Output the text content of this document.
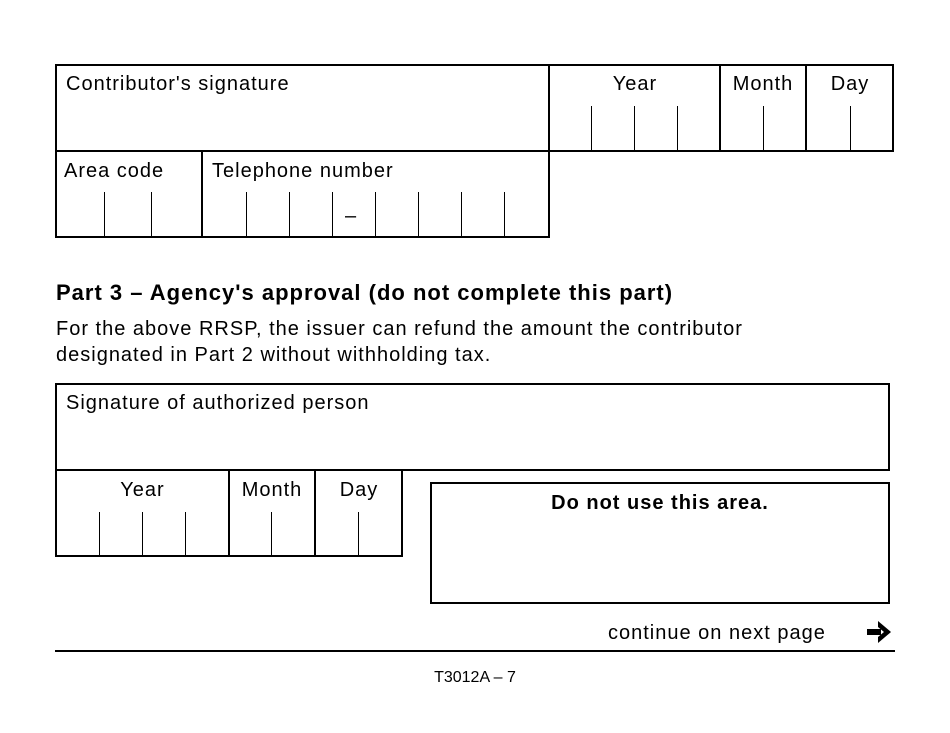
Contributor's signature	Year	Month	Day
Area code Telephone number
–
Part 3 – Agency's approval (do not complete this part)
For the above RRSP, the issuer can refund the amount the contributor
designated in Part 2 without withholding tax.
Signature of authorized person
Year	Month	Day
Do not use this area.
continue on next page
T3012A – 7
